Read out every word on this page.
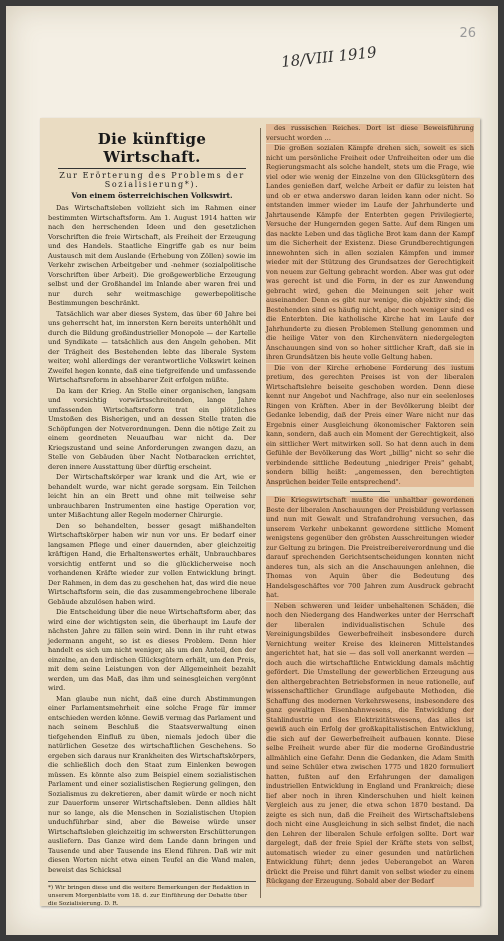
26
18/VIII 1919
Die künftige Wirtschaft.
Zur Erörterung des Problems der Sozialisierung*).
Von einem österreichischen Volkswirt.

Das Wirtschaftsleben vollzieht sich im Rahmen einer bestimmten Wirtschaftsform. Am 1. August 1914 hatten wir nach den herrschenden Ideen und den gesetzlichen Vorschriften die freie Wirtschaft, als Freiheit der Erzeugung und des Handels. Staatliche Eingriffe gab es nur beim Austausch mit dem Auslande (Erhebung von Zöllen) sowie im Verkehr zwischen Arbeitgeber und -nehmer (sozialpolitische Vorschriften über Arbeit). Die großgewerbliche Erzeugung selbst und der Großhandel im Inlande aber waren frei und nur durch sehr weitmaschige gewerbepolitische Bestimmungen beschränkt.

Tatsächlich war aber dieses System, das über 60 Jahre bei uns geherrscht hat, im innersten Kern bereits unterhöhlt und durch die Bildung großindustrieller Monopole — der Kartelle und Syndikate — tatsächlich aus den Angeln gehoben. Mit der Trägheit des Bestehenden lebte das liberale System weiter, wohl allerdings der verantwortliche Volkswirt keinen Zweifel hegen konnte, daß eine tiefgreifende und umfassende Wirtschaftsreform in absehbarer Zeit erfolgen müßte.

Da kam der Krieg. An Stelle einer organischen, langsam und vorsichtig vorwärtsschreitenden, lange Jahre umfassenden Wirtschaftsreform trat ein plötzliches Umstoßen des Bisherigen, und an dessen Stelle traten die Schöpfungen der Notverordnungen. Denn die nötige Zeit zu einem geordneten Neuaufbau war nicht da. Der Kriegszustand und seine Anforderungen zwangen dazu, an Stelle von Gebäuden über Nacht Notbaracken errichtet, deren innere Ausstattung über dürftig erscheint.

Der Wirtschaftskörper war krank und die Art, wie er behandelt wurde, war nicht gerade sorgsam. Ein Teilchen leicht hin an ein Brett und ohne mit teilweise sehr unbrauchbaren Instrumenten eine hastige Operation vor, unter Mißachtung aller Regeln moderner Chirurgie.

Den so behandelten, besser gesagt mißhandelten Wirtschaftskörper haben wir nun vor uns. Er bedarf einer langsamen Pflege und einer dauernden, aber gleichzeitig kräftigen Hand, die Erhaltenswertes erhält, Unbrauchbares vorsichtig entfernt und so die glücklicherweise noch vorhandenen Kräfte wieder zur vollen Entwicklung bringt. Der Rahmen, in dem das zu geschehen hat, das wird die neue Wirtschaftsform sein, die das zusammengebrochene liberale Gebäude abzulösen haben wird.

Die Entscheidung über die neue Wirtschaftsform aber, das wird eine der wichtigsten sein, die überhaupt im Laufe der nächsten Jahre zu fällen sein wird. Denn in ihr ruht etwas jedermann angeht, so ist es dieses Problem. Denn hier handelt es sich um nicht weniger, als um den Anteil, den der einzelne, an den irdischen Glücksgütern erhält, um den Preis, mit dem seine Leistungen von der Allgemeinheit bezahlt werden, um das Maß, das ihm und seinesgleichen vergönnt wird.

Man glaube nun nicht, daß eine durch Abstimmungen einer Parlamentsmehrheit eine solche Frage für immer entschieden werden könne. Gewiß vermag das Parlament und nach seinem Beschluß die Staatsverwaltung einen tiefgehenden Einfluß zu üben, niemals jedoch über die natürlichen Gesetze des wirtschaftlichen Geschehens. So ergeben sich daraus nur Krankheiten des Wirtschaftskörpers, die schließlich doch den Staat zum Einlenken bewogen müssen. Es könnte also zum Beispiel einem sozialistischen Parlament und einer sozialistischen Regierung gelingen, den Sozialismus zu dekretieren, aber damit würde er noch nicht zur Dauerform unserer Wirtschaftsleben. Denn alldies hält nur so lange, als die Menschen in Sozialistischen Utopien unduchführbar sind, aber die Beweise würde unser Wirtschaftsleben gleichzeitig im schwersten Erschütterungen ausliefern. Das Ganze wird dem Lande dann bringen und Tausende und aber Tausende ins Elend führen. Daß wir mit diesen Worten nicht etwa einen Teufel an die Wand malen, beweist das Schicksal

*) Wir bringen diese und die weitere Bemerkungen der Redaktion in unserem Morgenblatte vom 18. d. zur Einführung der Debatte über die Sozialisierung. D. R.

des russischen Reiches. Dort ist diese Beweisführung versucht worden …

Die großen sozialen Kämpfe drehen sich, soweit es sich nicht um persönliche Freiheit oder Unfreiheiten oder um die Regierungsmacht als solche handelt, stets um die Frage, wie viel oder wie wenig der Einzelne von den Glücksgütern des Landes genießen darf, welche Arbeit er dafür zu leisten hat und ob er etwa anderswo daran leiden kann oder nicht. So entstanden immer wieder im Laufe der Jahrhunderte und Jahrtausende Kämpfe der Enterbten gegen Privilegierte, Versuche der Hungernden gegen Satte. Auf dem Ringen um das nackte Leben und das tägliche Brot kam dann der Kampf um die Sicherheit der Existenz. Diese Grundberechtigungen innewohnten sich in allen sozialen Kämpfen und immer wieder mit der Stützung des Grundsatzes der Gerechtigkeit von neuem zur Geltung gebracht worden. Aber was gut oder was gerecht ist und die Form, in der es zur Anwendung gebracht wird, gehen die Meinungen seit jeher weit auseinander. Denn es gibt nur wenige, die objektiv sind; die Bestehenden sind es häufig nicht, aber noch weniger sind es die Enterbten. Die katholische Kirche hat im Laufe der Jahrhunderte zu diesen Problemen Stellung genommen und die heilige Väter von den Kirchenvätern niedergelegten Anschauungen sind von so hoher sittlicher Kraft, daß sie in ihren Grundsätzen bis heute volle Geltung haben.

Die von der Kirche erhobene Forderung des iustum pretium, des gerechten Preises ist von der liberalen Wirtschaftslehre beiseite geschoben worden. Denn diese kennt nur Angebot und Nachfrage, also nur ein seelenloses Ringen von Kräften. Aber in der Bevölkerung bleibt der Gedanke lebendig, daß der Preis einer Ware nicht nur das Ergebnis einer Ausgleichung ökonomischer Faktoren sein kann, sondern, daß auch ein Moment der Gerechtigkeit, also ein sittlicher Wert mitwirken soll. So hat denn auch in dem Gefühle der Bevölkerung das Wort „billig" nicht so sehr die verbindende sittliche Bedeutung „niedriger Preis" gehabt, sondern billig heißt: „angemessen, den berechtigten Ansprüchen beider Teile entsprechend".

Die Kriegswirtschaft mußte die unhaltbar gewordenen Beste der liberalen Anschauungen der Preisbildung verlassen und nun mit Gewalt und Strafandrohung versuchen, das unserem Verkehr unbekannt gewordene sittliche Moment wenigstens gegenüber den gröbsten Ausschreitungen wieder zur Geltung zu bringen. Die Preistreibereiverordnung und die darauf sprechenden Gerichtsentscheidungen konnten nicht anderes tun, als sich an die Anschauungen anlehnen, die Thomas von Aquin über die Bedeutung des Handelsgeschäftes vor 700 Jahren zum Ausdruck gebracht hat.

Neben schweren und leider unbehaltenen Schäden, die noch den Niedergang des Handwerkes unter der Herrschaft der liberalen individualistischen Schule des Vereinigungsbildes Gewerbefreiheit insbesondere durch Vernichtung weiter Kreise des kleineren Mittelstandes angerichtet hat, hat sie — das soll voll anerkannt werden — doch auch die wirtschaftliche Entwicklung damals mächtig gefördert. Die Umstellung der gewerblichen Erzeugung aus den althergebrachten Betriebsformen in neue rationelle, auf wissenschaftlicher Grundlage aufgebaute Methoden, die Schaffung des modernen Verkehrswesens, insbesondere des ganz gewaltigen Eisenbahnwesens, die Entwicklung der Stahlindustrie und des Elektrizitätswesens, das alles ist gewiß auch ein Erfolg der großkapitalistischen Entwicklung, die sich auf der Gewerbefreiheit aufbauen konnte. Diese selbe Freiheit wurde aber für die moderne Großindustrie allmählich eine Gefahr. Denn die Gedanken, die Adam Smith und seine Schüler etwa zwischen 1775 und 1820 formuliert hatten, fußten auf den Erfahrungen der damaligen industriellen Entwicklung in England und Frankreich; diese lief aber noch in ihren Kinderschuhen und hielt keinen Vergleich aus zu jener, die etwa schon 1870 bestand. Da zeigte es sich nun, daß die Freiheit des Wirtschaftslebens doch nicht eine Ausgleichung in sich selbst findet, die nach den Lehren der liberalen Schule erfolgen sollte. Dort war dargelegt, daß der freie Spiel der Kräfte stets von selbst, automatisch wieder zu einer gesunden und natürlichen Entwicklung führt; denn jedes Ueberangebot an Waren drückt die Preise und führt damit von selbst wieder zu einem Rückgang der Erzeugung. Sobald aber der Bedarf
